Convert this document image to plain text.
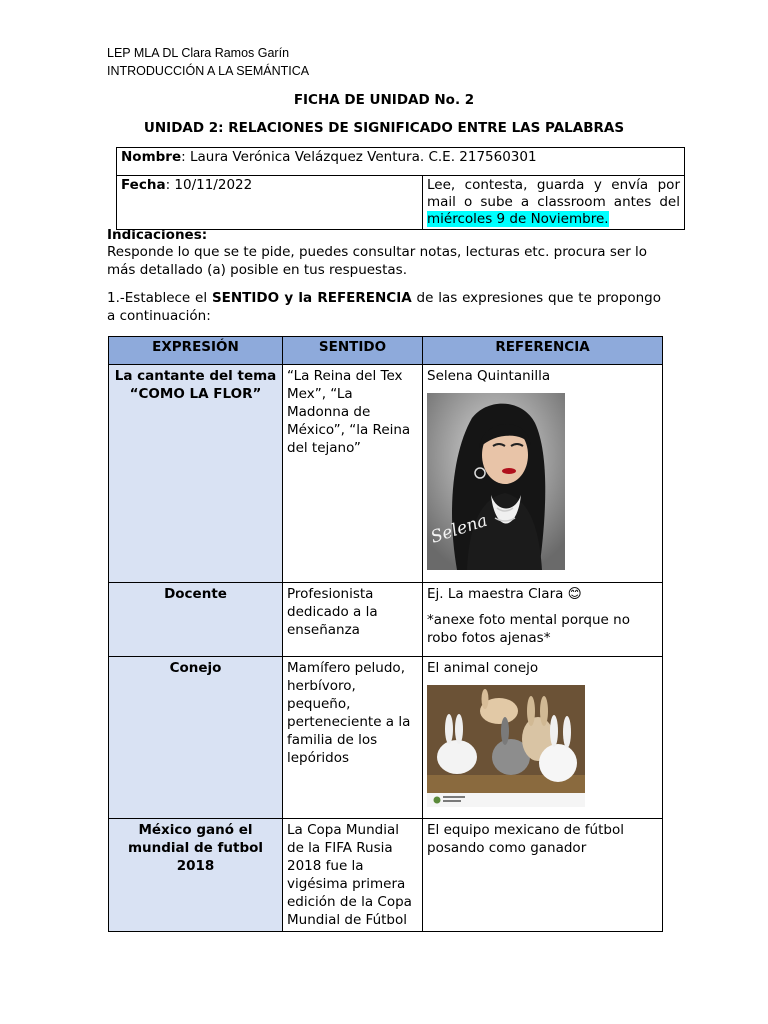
LEP MLA DL Clara Ramos Garín
INTRODUCCIÓN A LA SEMÁNTICA
FICHA DE UNIDAD No. 2
UNIDAD 2: RELACIONES DE SIGNIFICADO ENTRE LAS PALABRAS
Nombre: Laura Verónica Velázquez Ventura. C.E. 217560301
Fecha: 10/11/2022	Lee, contesta, guarda y envía por mail o sube a classroom antes del miércoles 9 de Noviembre.
Indicaciones:
Responde lo que se te pide, puedes consultar notas, lecturas etc. procura ser lo más detallado (a) posible en tus respuestas.
1.-Establece el SENTIDO y la REFERENCIA de las expresiones que te propongo a continuación:
EXPRESIÓN	SENTIDO	REFERENCIA
La cantante del tema “COMO LA FLOR”	“La Reina del Tex Mex”, “La Madonna de México”, “la Reina del tejano”	Selena Quintanilla
Selena

Docente	Profesionista dedicado a la enseñanza	Ej. La maestra Clara 😊
*anexe foto mental porque no robo fotos ajenas*

Conejo	Mamífero peludo, herbívoro, pequeño, perteneciente a la familia de los lepóridos	El animal conejo

México ganó el mundial de futbol 2018	La Copa Mundial de la FIFA Rusia 2018 fue la vigésima primera edición de la Copa Mundial de Fútbol	El equipo mexicano de fútbol posando como ganador
